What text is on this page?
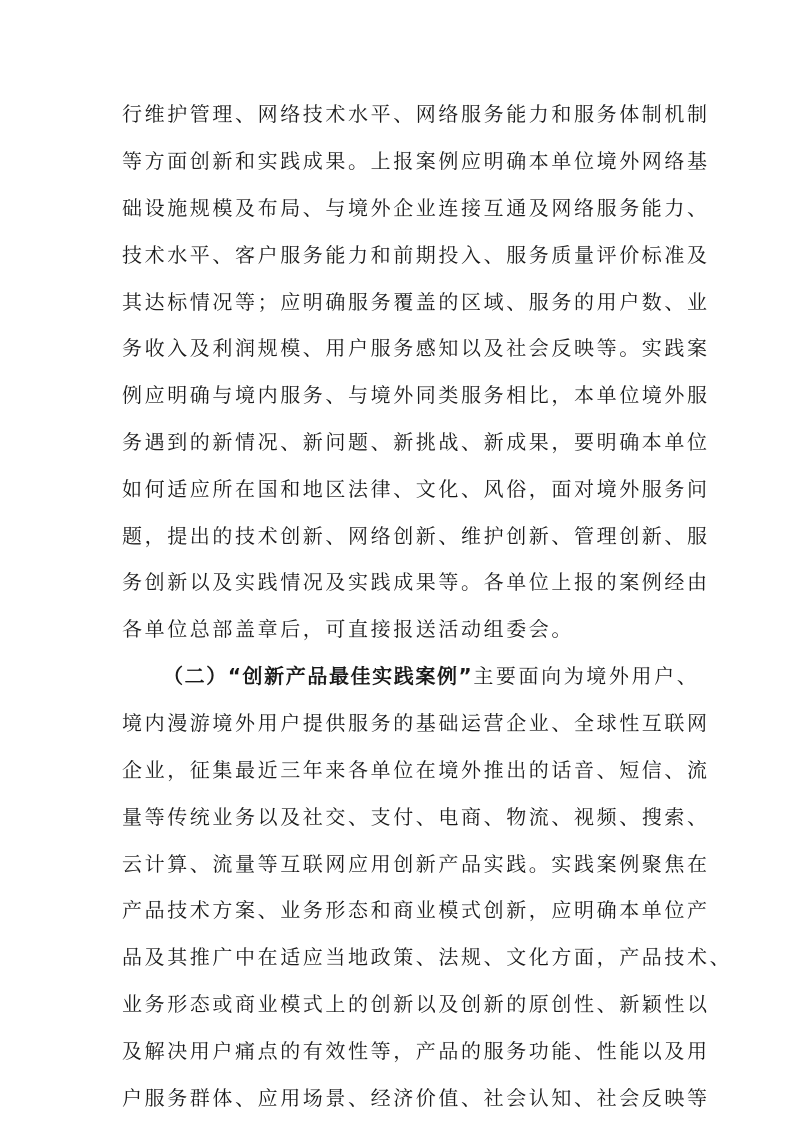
行维护管理、网络技术水平、网络服务能力和服务体制机制
等方面创新和实践成果。上报案例应明确本单位境外网络基
础设施规模及布局、与境外企业连接互通及网络服务能力、
技术水平、客户服务能力和前期投入、服务质量评价标准及
其达标情况等；应明确服务覆盖的区域、服务的用户数、业
务收入及利润规模、用户服务感知以及社会反映等。实践案
例应明确与境内服务、与境外同类服务相比，本单位境外服
务遇到的新情况、新问题、新挑战、新成果，要明确本单位
如何适应所在国和地区法律、文化、风俗，面对境外服务问
题，提出的技术创新、网络创新、维护创新、管理创新、服
务创新以及实践情况及实践成果等。各单位上报的案例经由
各单位总部盖章后，可直接报送活动组委会。
（二）“创新产品最佳实践案例”主要面向为境外用户、
境内漫游境外用户提供服务的基础运营企业、全球性互联网
企业，征集最近三年来各单位在境外推出的话音、短信、流
量等传统业务以及社交、支付、电商、物流、视频、搜索、
云计算、流量等互联网应用创新产品实践。实践案例聚焦在
产品技术方案、业务形态和商业模式创新，应明确本单位产
品及其推广中在适应当地政策、法规、文化方面，产品技术、
业务形态或商业模式上的创新以及创新的原创性、新颖性以
及解决用户痛点的有效性等，产品的服务功能、性能以及用
户服务群体、应用场景、经济价值、社会认知、社会反映等
